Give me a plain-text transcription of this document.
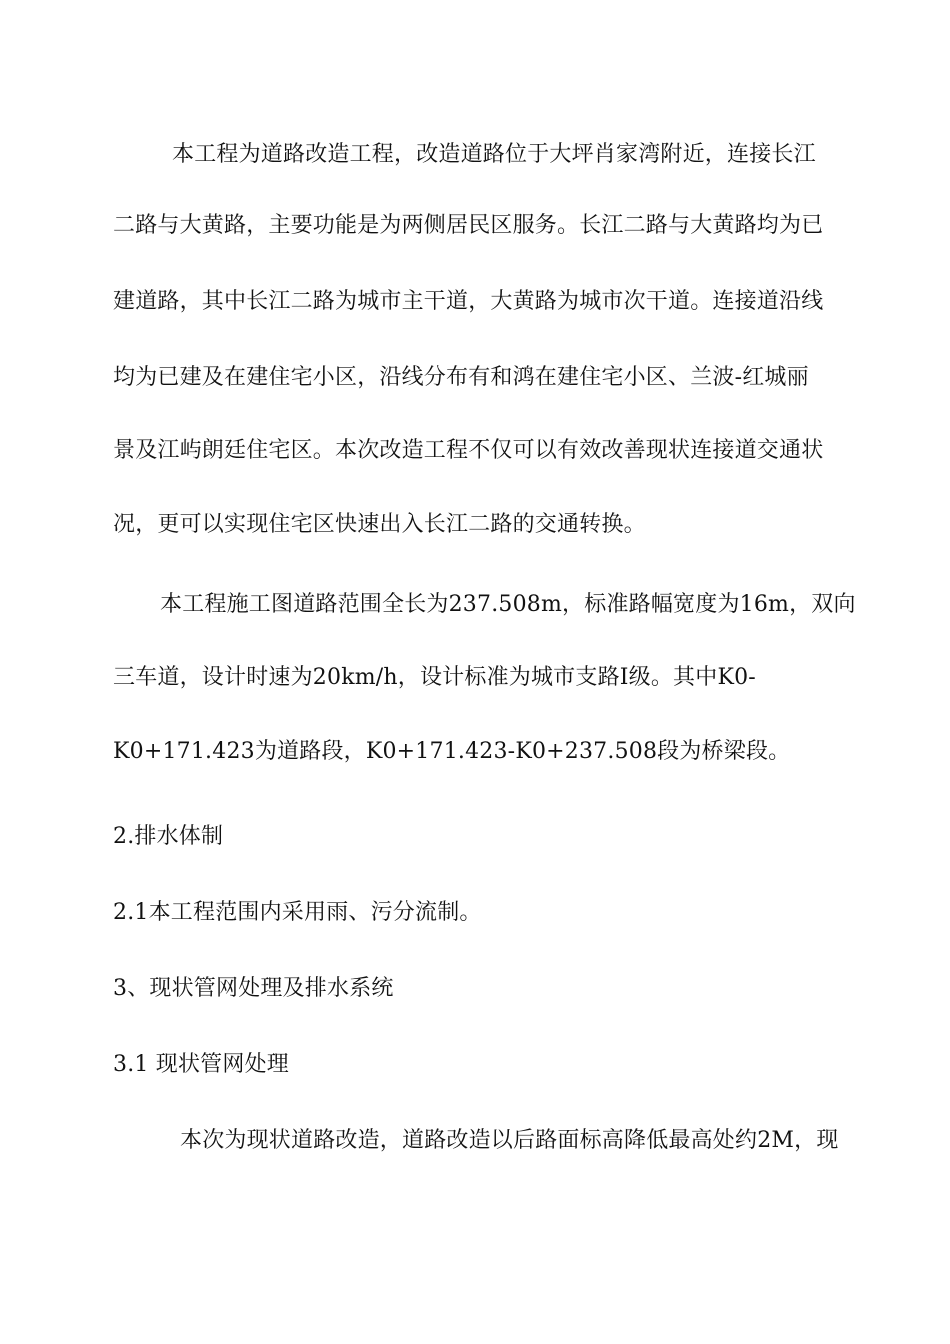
本工程为道路改造工程，改造道路位于大坪肖家湾附近，连接长江
二路与大黄路，主要功能是为两侧居民区服务。长江二路与大黄路均为已
建道路，其中长江二路为城市主干道，大黄路为城市次干道。连接道沿线
均为已建及在建住宅小区，沿线分布有和鸿在建住宅小区、兰波-红城丽
景及江屿朗廷住宅区。本次改造工程不仅可以有效改善现状连接道交通状
况，更可以实现住宅区快速出入长江二路的交通转换。
本工程施工图道路范围全长为237.508m，标准路幅宽度为16m，双向
三车道，设计时速为20km/h，设计标准为城市支路Ⅰ级。其中K0-
K0+171.423为道路段，K0+171.423-K0+237.508段为桥梁段。
2.排水体制
2.1本工程范围内采用雨、污分流制。
3、现状管网处理及排水系统
3.1 现状管网处理
本次为现状道路改造，道路改造以后路面标高降低最高处约2M，现
